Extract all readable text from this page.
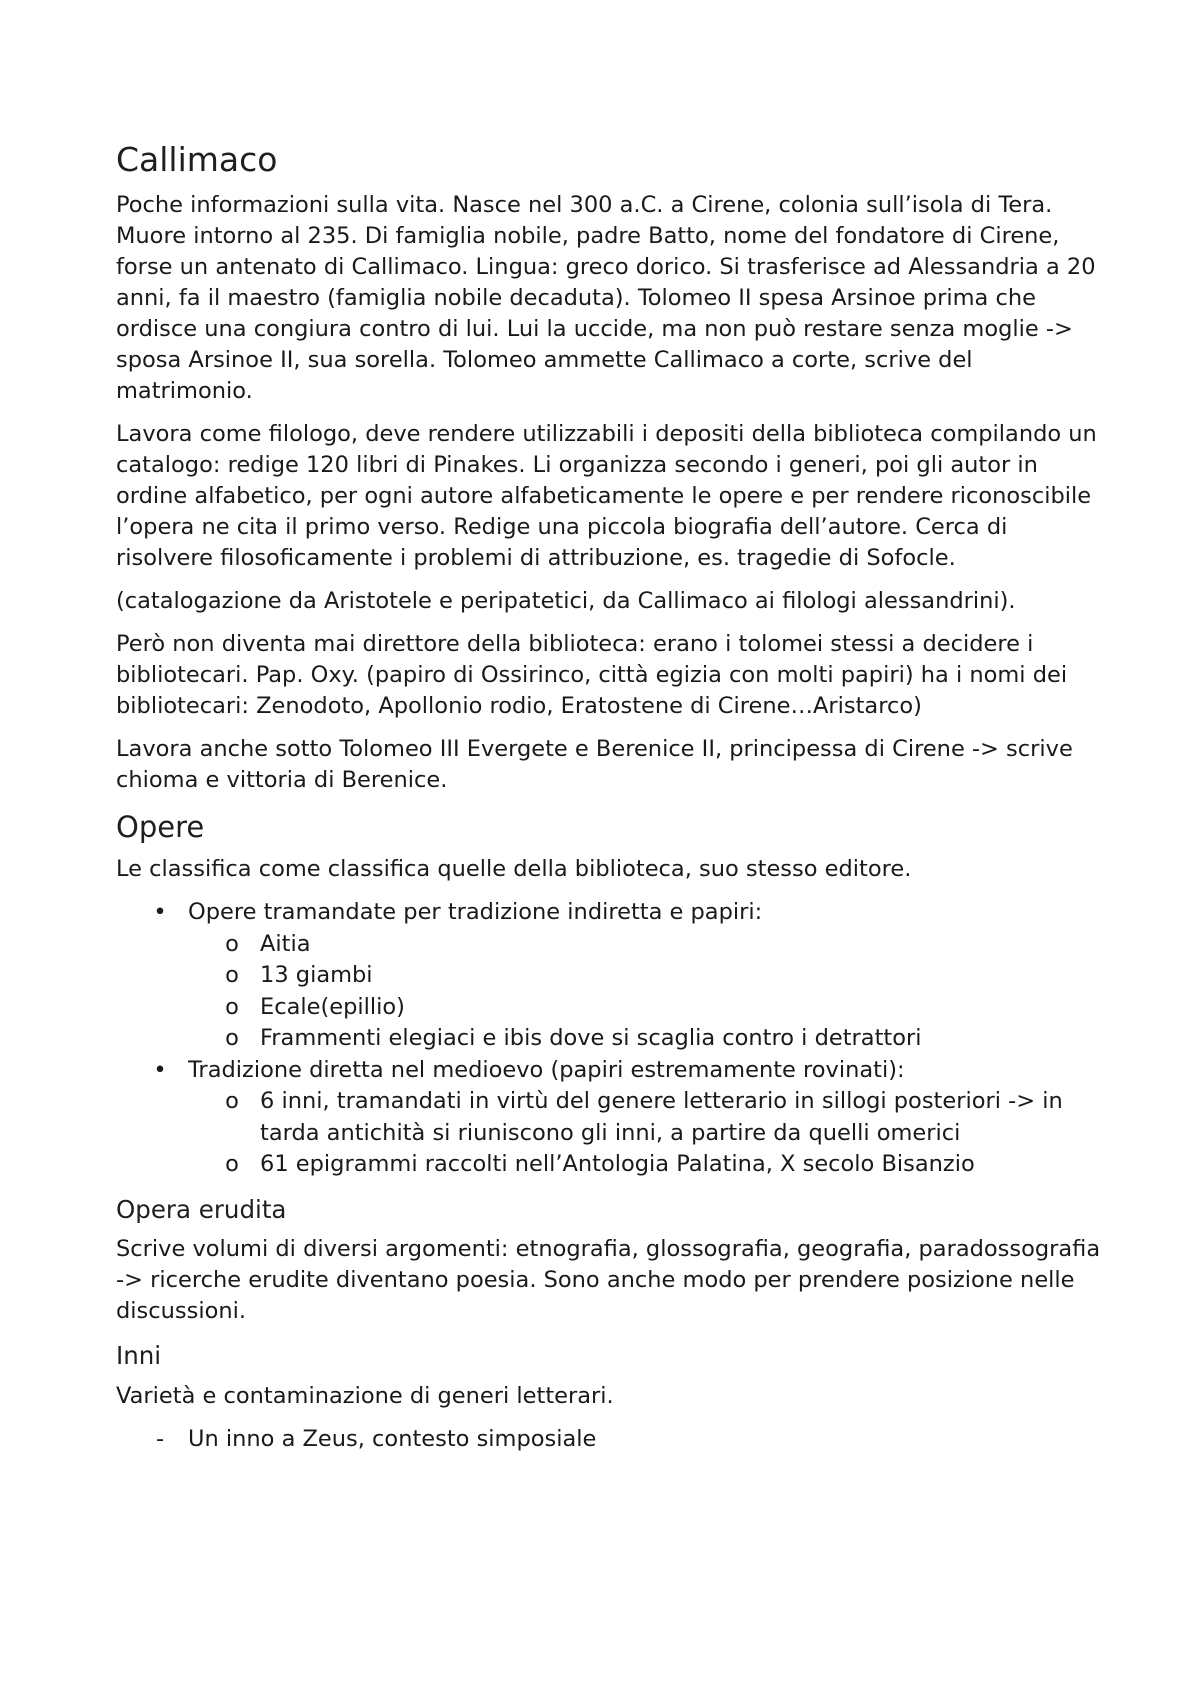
Callimaco

Poche informazioni sulla vita. Nasce nel 300 a.C. a Cirene, colonia sull’isola di Tera. Muore intorno al 235. Di famiglia nobile, padre Batto, nome del fondatore di Cirene, forse un antenato di Callimaco. Lingua: greco dorico. Si trasferisce ad Alessandria a 20 anni, fa il maestro (famiglia nobile decaduta). Tolomeo II spesa Arsinoe prima che ordisce una congiura contro di lui. Lui la uccide, ma non può restare senza moglie -> sposa Arsinoe II, sua sorella. Tolomeo ammette Callimaco a corte, scrive del matrimonio.

Lavora come filologo, deve rendere utilizzabili i depositi della biblioteca compilando un catalogo: redige 120 libri di Pinakes. Li organizza secondo i generi, poi gli autor in ordine alfabetico, per ogni autore alfabeticamente le opere e per rendere riconoscibile l’opera ne cita il primo verso. Redige una piccola biografia dell’autore. Cerca di risolvere filosoficamente i problemi di attribuzione, es. tragedie di Sofocle.

(catalogazione da Aristotele e peripatetici, da Callimaco ai filologi alessandrini).

Però non diventa mai direttore della biblioteca: erano i tolomei stessi a decidere i bibliotecari. Pap. Oxy. (papiro di Ossirinco, città egizia con molti papiri) ha i nomi dei bibliotecari: Zenodoto, Apollonio rodio, Eratostene di Cirene…Aristarco)

Lavora anche sotto Tolomeo III Evergete e Berenice II, principessa di Cirene -> scrive chioma e vittoria di Berenice.

Opere

Le classifica come classifica quelle della biblioteca, suo stesso editore.

• Opere tramandate per tradizione indiretta e papiri:
o Aitia
o 13 giambi
o Ecale(epillio)
o Frammenti elegiaci e ibis dove si scaglia contro i detrattori
• Tradizione diretta nel medioevo (papiri estremamente rovinati):
o 6 inni, tramandati in virtù del genere letterario in sillogi posteriori -> in tarda antichità si riuniscono gli inni, a partire da quelli omerici
o 61 epigrammi raccolti nell’Antologia Palatina, X secolo Bisanzio
Opera erudita

Scrive volumi di diversi argomenti: etnografia, glossografia, geografia, paradossografia -> ricerche erudite diventano poesia. Sono anche modo per prendere posizione nelle discussioni.

Inni

Varietà e contaminazione di generi letterari.

- Un inno a Zeus, contesto simposiale
